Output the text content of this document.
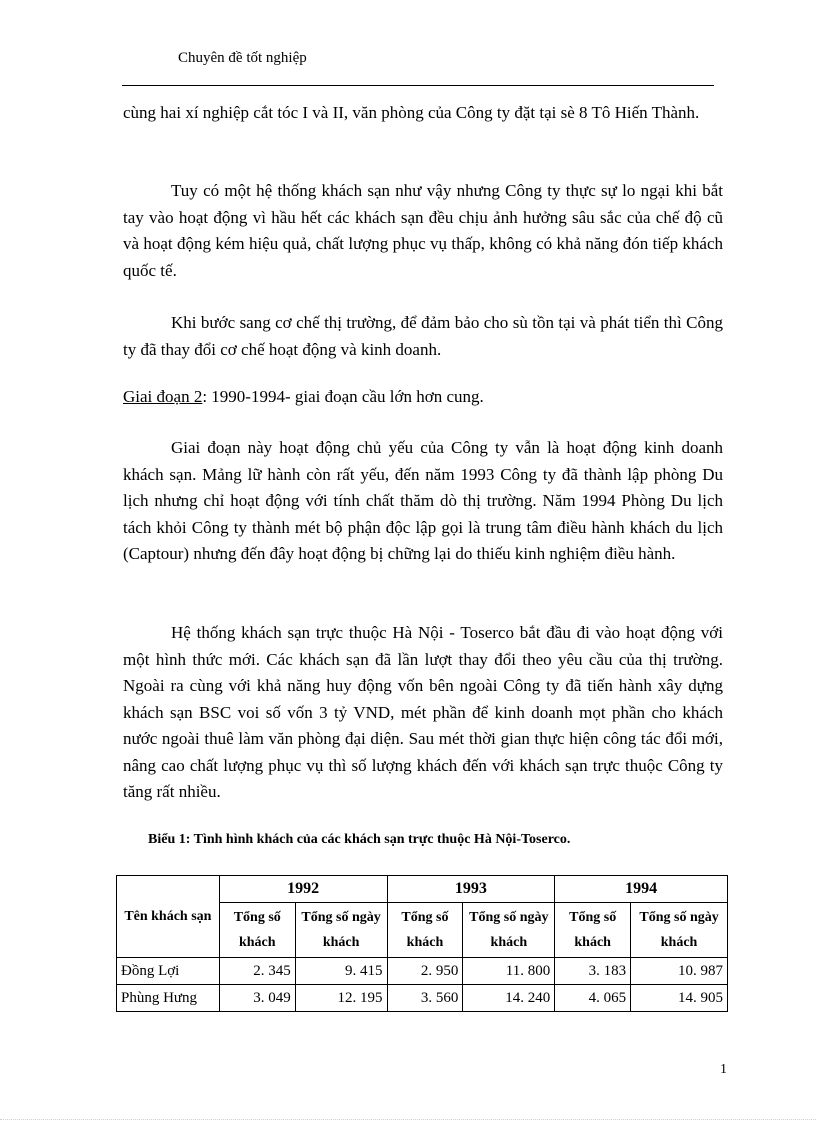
Chuyên đề tốt nghiệp

cùng hai xí nghiệp cắt tóc I và II, văn phòng của Công ty đặt tại sè 8 Tô Hiến Thành.

Tuy có một hệ thống khách sạn như vậy nhưng Công ty thực sự lo ngại khi bắt tay vào hoạt động vì hầu hết các khách sạn đều chịu ảnh hưởng sâu sắc của chế độ cũ và hoạt động kém hiệu quả, chất lượng phục vụ thấp, không có khả năng đón tiếp khách quốc tế.

Khi bước sang cơ chế thị trường, để đảm bảo cho sù tồn tại và phát tiển thì Công ty đã thay đổi cơ chế hoạt động và kinh doanh.

Giai đoạn 2: 1990-1994- giai đoạn cầu lớn hơn cung.

Giai đoạn này hoạt động chủ yếu của Công ty vẫn là hoạt động kinh doanh khách sạn. Mảng lữ hành còn rất yếu, đến năm 1993 Công ty đã thành lập phòng Du lịch nhưng chỉ hoạt động với tính chất thăm dò thị trường. Năm 1994 Phòng Du lịch tách khỏi Công ty thành mét bộ phận độc lập gọi là trung tâm điều hành khách du lịch (Captour) nhưng đến đây hoạt động bị chững lại do thiếu kinh nghiệm điều hành.

Hệ thống khách sạn trực thuộc Hà Nội - Toserco bắt đầu đi vào hoạt động với một hình thức mới. Các khách sạn đã lần lượt thay đổi theo yêu cầu của thị trường. Ngoài ra cùng với khả năng huy động vốn bên ngoài Công ty đã tiến hành xây dựng khách sạn BSC voi số vốn 3 tỷ VND, mét phần để kinh doanh mọt phần cho khách nước ngoài thuê làm văn phòng đại diện. Sau mét thời gian thực hiện công tác đổi mới, nâng cao chất lượng phục vụ thì số lượng khách đến với khách sạn trực thuộc Công ty tăng rất nhiều.

Biểu 1: Tình hình khách của các khách sạn trực thuộc Hà Nội-Toserco.
Tên khách sạn	1992		1993		1994	
	Tổng số khách	Tổng số ngày khách	Tổng số khách	Tổng số ngày khách	Tổng số khách	Tổng số ngày khách
Đồng Lợi	2. 345	9. 415	2. 950	11. 800	3. 183	10. 987
Phùng Hưng	3. 049	12. 195	3. 560	14. 240	4. 065	14. 905
1
